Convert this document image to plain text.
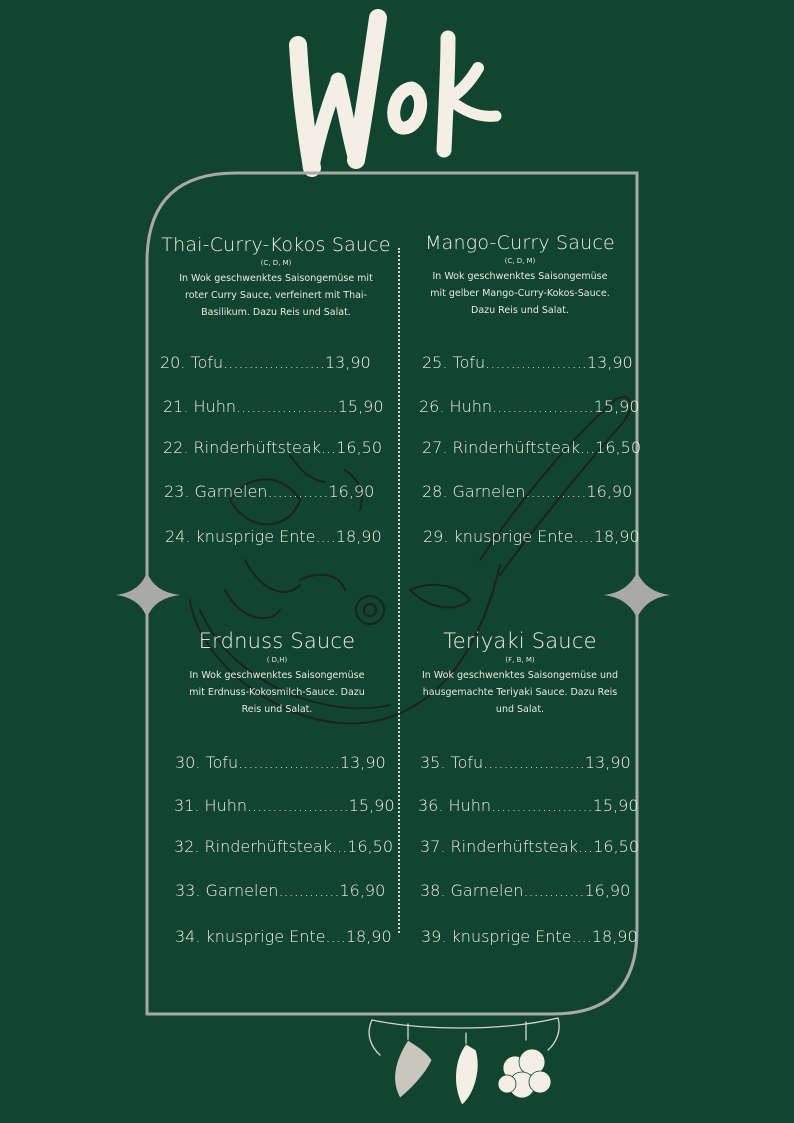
Thai-Curry-Kokos Sauce
(C, D, M)
In Wok geschwenktes Saisongemüse mit
roter Curry Sauce, verfeinert mit Thai-
Basilikum. Dazu Reis und Salat.
20. Tofu....................13,90
21. Huhn....................15,90
22. Rinderhüftsteak...16,50
23. Garnelen............16,90
24. knusprige Ente....18,90
Mango-Curry Sauce
(C, D, M)
In Wok geschwenktes Saisongemüse
mit gelber Mango-Curry-Kokos-Sauce.
Dazu Reis und Salat.
25. Tofu....................13,90
26. Huhn....................15,90
27. Rinderhüftsteak...16,50
28. Garnelen............16,90
29. knusprige Ente....18,90
Erdnuss Sauce
( D,H)
In Wok geschwenktes Saisongemüse
mit Erdnuss-Kokosmilch-Sauce. Dazu
Reis und Salat.
30. Tofu....................13,90
31. Huhn....................15,90
32. Rinderhüftsteak...16,50
33. Garnelen............16,90
34. knusprige Ente....18,90
Teriyaki Sauce
(F, B, M)
In Wok geschwenktes Saisongemüse und
hausgemachte Teriyaki Sauce. Dazu Reis
und Salat.
35. Tofu....................13,90
36. Huhn....................15,90
37. Rinderhüftsteak...16,50
38. Garnelen............16,90
39. knusprige Ente....18,90
